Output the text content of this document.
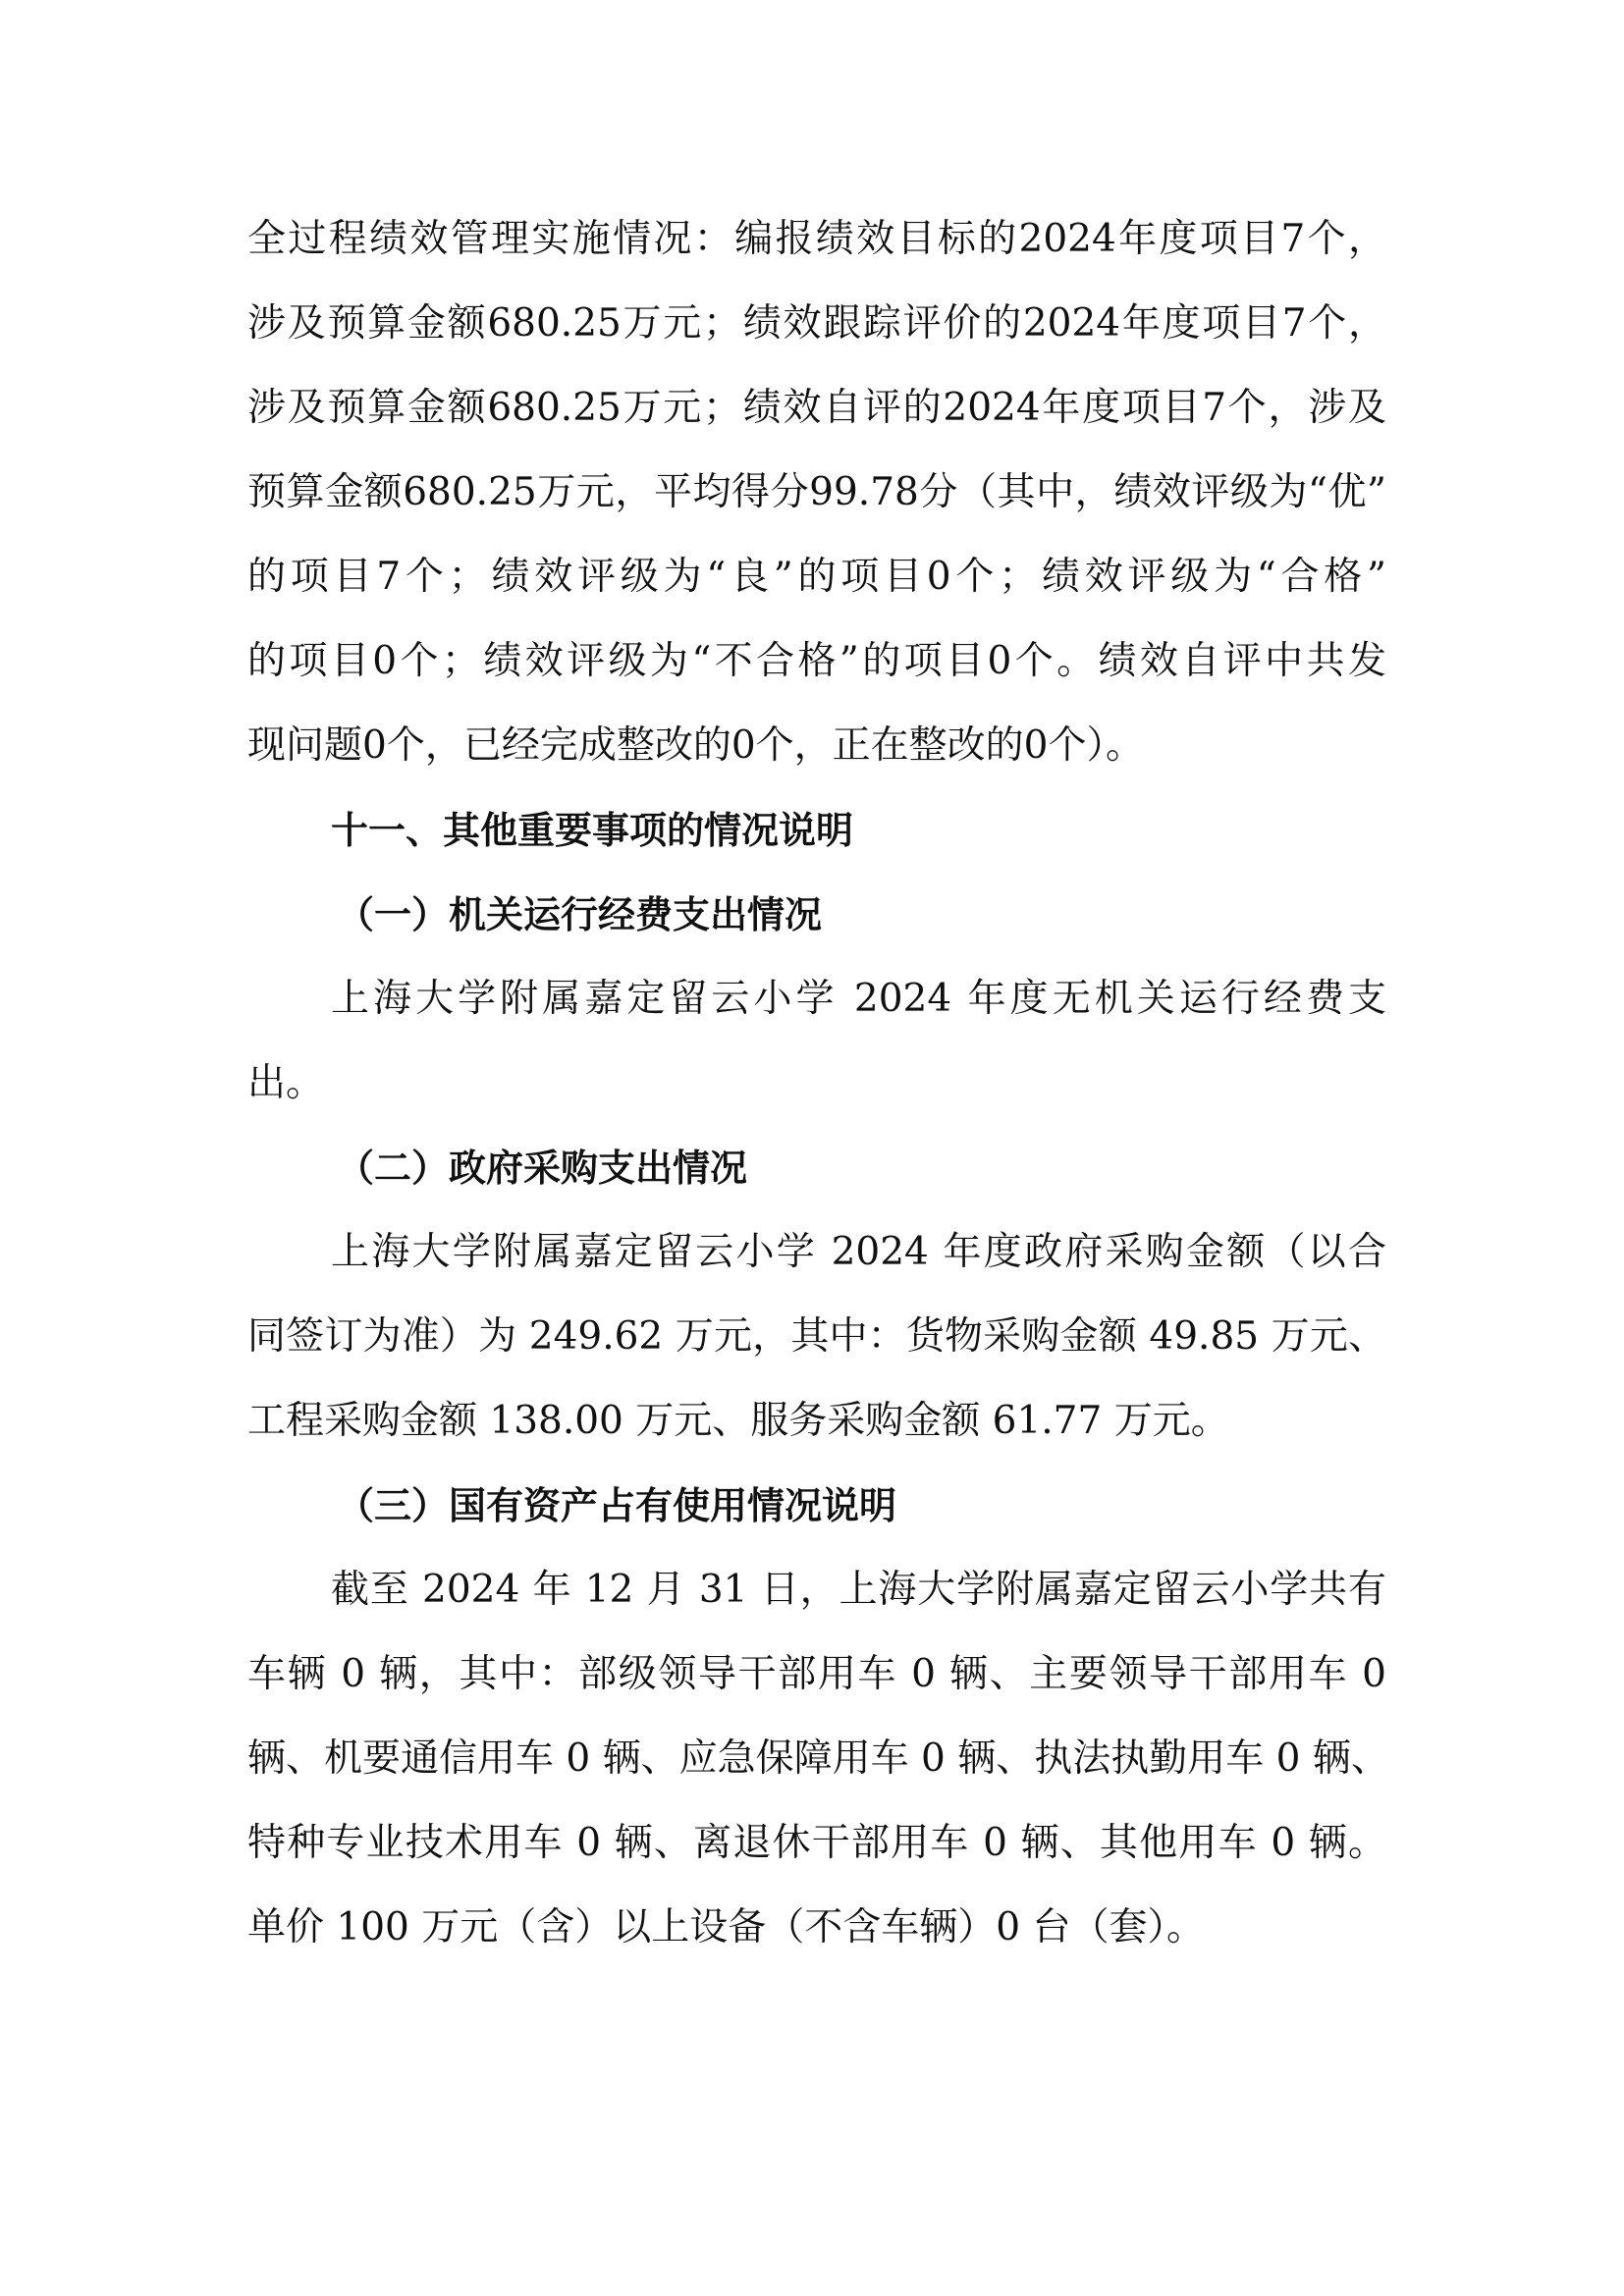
全过程绩效管理实施情况：编报绩效目标的2024年度项目7个，
涉及预算金额680.25万元；绩效跟踪评价的2024年度项目7个，
涉及预算金额680.25万元；绩效自评的2024年度项目7个，涉及
预算金额680.25万元，平均得分99.78分（其中，绩效评级为“优”
的项目7个；绩效评级为“良”的项目0个；绩效评级为“合格”
的项目0个；绩效评级为“不合格”的项目0个。绩效自评中共发
现问题0个，已经完成整改的0个，正在整改的0个）。
十一、其他重要事项的情况说明
（一）机关运行经费支出情况
上海大学附属嘉定留云小学 2024 年度无机关运行经费支
出。
（二）政府采购支出情况
上海大学附属嘉定留云小学 2024 年度政府采购金额（以合
同签订为准）为 249.62 万元，其中：货物采购金额 49.85 万元、
工程采购金额 138.00 万元、服务采购金额 61.77 万元。
（三）国有资产占有使用情况说明
截至 2024 年 12 月 31 日，上海大学附属嘉定留云小学共有
车辆 0 辆，其中：部级领导干部用车 0 辆、主要领导干部用车 0
辆、机要通信用车 0 辆、应急保障用车 0 辆、执法执勤用车 0 辆、
特种专业技术用车 0 辆、离退休干部用车 0 辆、其他用车 0 辆。
单价 100 万元（含）以上设备（不含车辆）0 台（套）。
